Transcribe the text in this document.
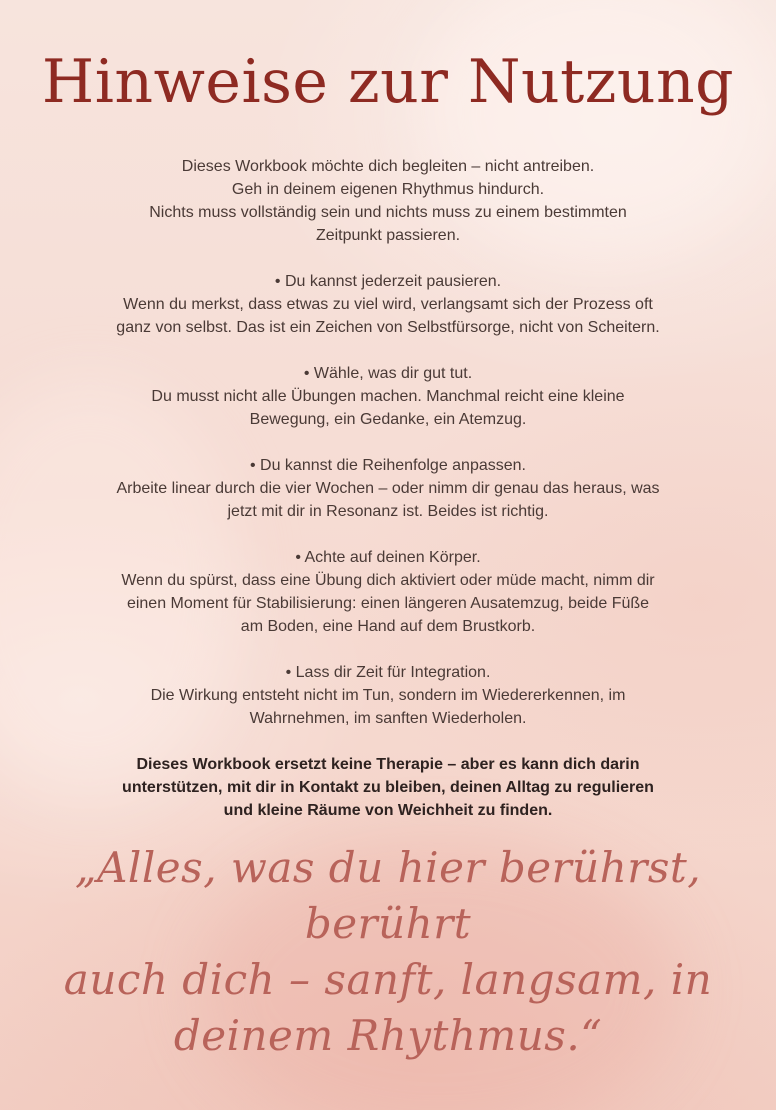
Hinweise zur Nutzung

Dieses Workbook möchte dich begleiten – nicht antreiben.
Geh in deinem eigenen Rhythmus hindurch.
Nichts muss vollständig sein und nichts muss zu einem bestimmten
Zeitpunkt passieren.

• Du kannst jederzeit pausieren.
Wenn du merkst, dass etwas zu viel wird, verlangsamt sich der Prozess oft
ganz von selbst. Das ist ein Zeichen von Selbstfürsorge, nicht von Scheitern.

• Wähle, was dir gut tut.
Du musst nicht alle Übungen machen. Manchmal reicht eine kleine
Bewegung, ein Gedanke, ein Atemzug.

• Du kannst die Reihenfolge anpassen.
Arbeite linear durch die vier Wochen – oder nimm dir genau das heraus, was
jetzt mit dir in Resonanz ist. Beides ist richtig.

• Achte auf deinen Körper.
Wenn du spürst, dass eine Übung dich aktiviert oder müde macht, nimm dir
einen Moment für Stabilisierung: einen längeren Ausatemzug, beide Füße
am Boden, eine Hand auf dem Brustkorb.

• Lass dir Zeit für Integration.
Die Wirkung entsteht nicht im Tun, sondern im Wiedererkennen, im
Wahrnehmen, im sanften Wiederholen.

Dieses Workbook ersetzt keine Therapie – aber es kann dich darin
unterstützen, mit dir in Kontakt zu bleiben, deinen Alltag zu regulieren
und kleine Räume von Weichheit zu finden.

„Alles, was du hier berührst, berührt
auch dich – sanft, langsam, in
deinem Rhythmus.“
